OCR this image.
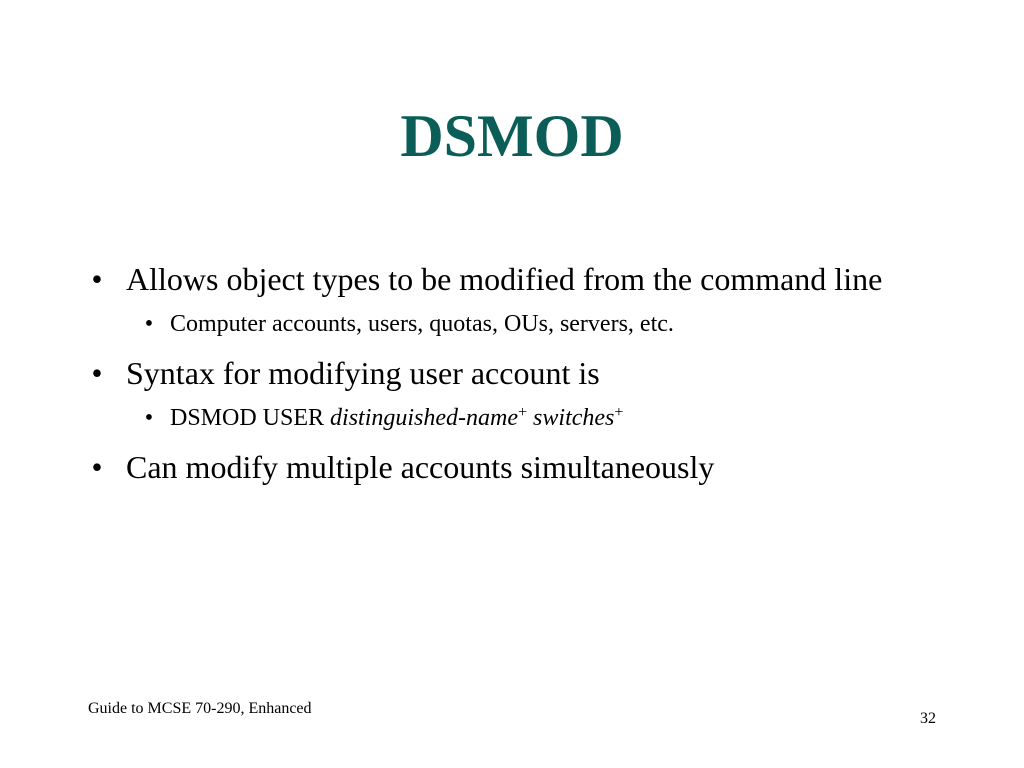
DSMOD
• Allows object types to be modified from the command line
• Computer accounts, users, quotas, OUs, servers, etc.
• Syntax for modifying user account is
• DSMOD USER distinguished-name+ switches+
• Can modify multiple accounts simultaneously
Guide to MCSE 70-290, Enhanced
32
